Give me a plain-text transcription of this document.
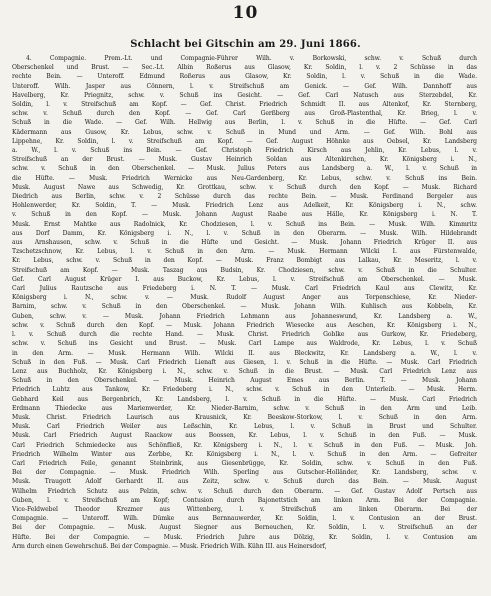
10
Schlacht bei Gitschin am 29. Juni 1866.
4. Compagnie. Prem.-Lt. und Compagnie-Führer Wilh. v. Borkowski, schw. v. Schuß durch
Oberschenkel und Brust. — Sec.-Lt. Albin Roßerus aus Glasow, Kr. Soldin, l. v. 2 Schüsse in das
rechte Bein. — Unteroff. Edmund Roßerus aus Glasow, Kr. Soldin, l. v. Schuß in die Wade.
Unteroff. Wilh. Jasper aus Cönnern, l. v. Streifschuß am Genick. — Gef. Wilh. Dannhoff aus
Havelberg, Kr. Priegnitz, schw. v. Schuß ins Gesicht. — Gef. Carl Natusch aus Sterzebdel, Kr.
Soldin, l. v. Streifschuß am Kopf. — Gef. Christ. Friedrich Schmidt II. aus Altenkof, Kr. Sternberg,
schw. v. Schuß durch den Kopf. — Gef. Carl Gerßberg aus Groß-Plastenthal, Kr. Brieg, l. v.
Schuß in die Wade. — Gef. Wilh. Hellwig aus Berlin, l. v. Schuß in die Hüfte. — Gef. Carl
Kädermann aus Gusow, Kr. Lebus, schw. v. Schuß in Mund und Arm. — Gef. Wilh. Bohl aus
Lippehne, Kr. Soldin, l. v. Streifschuß am Kopf. — Gef. August Höhnke aus Oebsel, Kr. Landsberg
a. W., l. v. Schuß ins Bein. — Gef. Christoph Friedrich Kirsch aus Jehlin, Kr. Lebus, l. v.
Streifschuß an der Brust. — Musk. Gustav Heinrich Soldan aus Altenkirchen, Kr. Königsberg i. N.,
schw. v. Schuß in den Oberschenkel. — Musk. Julius Peters aus Landsberg a. W., l. v. Schuß in
die Hüfte. — Musk. Friedrich Wernicke aus Neu-Gardenberg, Kr. Lebus, schw. v. Schuß ins Bein.
Musk. August Nawe aus Schwedig, Kr. Grottkau, schw. v. Schuß durch den Kopf. — Musk. Richard
Diedrich aus Berlin, schw. v. 2 Schüsse durch das rechte Bein. — Musk. Ferdinand Bergeler aus
Hohlenwerder, Kr. Soldin, T. — Musk. Friedrich Lenz aus Adelkeit, Kr. Königsberg i. N., schw.
v. Schuß in den Kopf. — Musk. Johann August Raabe aus Hälle, Kr. Königsberg i. N. T.
Musk. Ernst Mahtke aus Radolnick, Kr. Chodziesen, l. v. Schuß ins Bein. — Musk. Wilh. Kimmritz
aus Dorf Damm, Kr. Königsberg i. N., l. v. Schuß in den Oberarm. — Musk. Wilh. Hildebrandt
aus Arnshausen, schw. v. Schuß in die Hüfte und Gesicht. — Musk. Johann Friedrich Krüger II. aus
Tzschetzschnow, Kr. Lebus, l. v. Schuß in den Arm. — Musk. Hermann Wilcki I. aus Fürstenwalde,
Kr. Lebus, schw. v. Schuß in den Kopf. — Musk. Franz Bombigt aus Lalkau, Kr. Meseritz, l. v.
Streifschuß am Kopf. — Musk. Taszag aus Budsin, Kr. Chodziesen, schw. v. Schuß in die Schulter.
Gef. Carl August Krüger I. aus Buckow, Kr. Lebus, l. v. Streifschuß am Oberschenkel. — Musk.
Carl Julius Rautzsche aus Friedeberg i. N. T. — Musk. Carl Friedrich Kaul aus Clewitz, Kr.
Königsberg i. N., schw. v. — Musk. Rudolf August Anger aus Terpenschiese, Kr. Nieder-
Barnim, schw. v. Schuß in den Oberschenkel. — Musk. Johann Wilh. Kuhlisch aus Kobbeln, Kr.
Guben, schw. v. — Musk. Johann Friedrich Lehmann aus Johanneswund, Kr. Landsberg a. W.,
schw. v. Schuß durch den Kopf. — Musk. Johann Friedrich Wiesecke aus Aeschen, Kr. Königsberg i. N.,
l. v. Schuß durch die rechte Hand. — Musk. Christ. Friedrich Goblke aus Gurkow, Kr. Friedeberg,
schw. v. Schuß ins Gesicht und Brust. — Musk. Carl Lampe aus Waldrode, Kr. Lebus, l. v. Schuß
in den Arm. — Musk. Hermann Wilh. Wilcki II. aus Bleckwitz, Kr. Landsberg a. W., l. v.
Schuß in den Fuß. — Musk. Carl Friedrich Lienaft aus Giesen, l. v. Schuß in die Hüfte. — Musk. Carl Friedrich
Lenz aus Buchholz, Kr. Königsberg i. N., schw. v. Schuß in die Brust. — Musk. Carl Friedrich Lenz aus
Schuß in den Oberschenkel. — Musk. Heinrich August Emes aus Berlin. T. — Musk. Johann
Friedrich Luhtz aus Tankow, Kr. Friedeberg i. N., schw. v. Schuß in den Unterleib. — Musk. Herm.
Gebhard Keil aus Bergenbrich, Kr. Landsberg, l. v. Schuß in die Hüfte. — Musk. Carl Friedrich
Erdmann Thiedecke aus Marienwerder, Kr. Nieder-Barnim, schw. v. Schuß in den Arm und Leib.
Musk. Christ. Friedrich Laurisch aus Krausnick, Kr. Beeskow-Storkow, l. v. Schuß in den Arm.
Musk. Carl Friedrich Weiler aus Leßschin, Kr. Lebus, l. v. Schuß in Brust und Schulter.
Musk. Carl Friedrich August Raackow aus Boossen, Kr. Lebus, l. v. Schuß in den Fuß. — Musk.
Carl Friedrich Schmiedecke aus Schönfließ, Kr. Königsberg i. N., l. v. Schuß in den Fuß. — Musk. Joh.
Friedrich Wilhelm Winter aus Zerbbe, Kr. Königsberg i. N., l. v. Schuß in den Arm. — Gefreiter
Carl Friedrich Feile, genannt Steinbrink, aus Giesenbrügge, Kr. Soldin, schw. v. Schuß in den Fuß.
Bei der Compagnie. — Musk. Friedrich Wilh. Sperling aus Gutscher-Holländer, Kr. Landsberg, schw. v.
Musk. Traugott Adolf Gerhardt II. aus Zeitz, schw. v. Schuß durch das Bein. — Musk. August
Wilhelm Friedrich Schutz aus Pelzin, schw. v. Schuß durch den Oberarm. — Gef. Gustav Adolf Pertsch aus
Guben, l. v. Streifschuß am Kopf; Contusion durch Bajonettstich am linken Arm. Bei der Compagnie.
Vice-Feldwebel Theodor Krezmer aus Wittenberg, l. v. Streifschuß am linken Oberarm. Bei der
Compagnie. — Unteroff. Wilh. Dümke aus Bernnauwerder, Kr. Soldin, l. v. Contusion an der Brust.
Bei der Compagnie. — Musk. August Siegner aus Berneuchen, Kr. Soldin, l. v. Streifschuß an der
Hüfte. Bei der Compagnie. — Musk. Friedrich Juhre aus Dölzig, Kr. Soldin, l. v. Contusion am
Arm durch einen Gewehrschuß. Bei der Compagnie. — Musk. Friedrich Wilh. Kühn III. aus Heinersdorf,
